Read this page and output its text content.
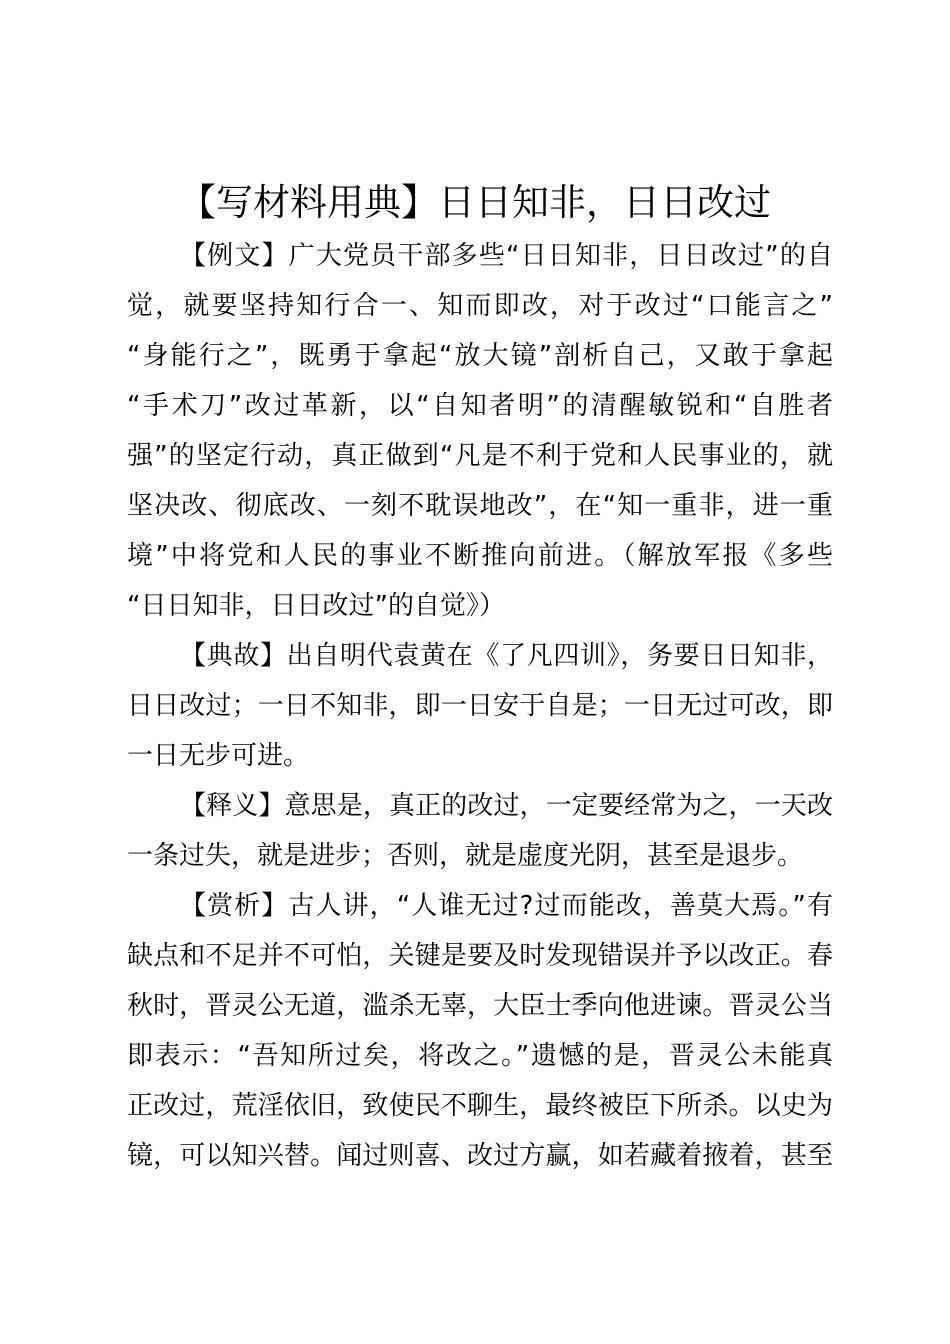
【写材料用典】日日知非，日日改过
【例文】广大党员干部多些“日日知非，日日改过”的自
觉，就要坚持知行合一、知而即改，对于改过“口能言之”
“身能行之”，既勇于拿起“放大镜”剖析自己，又敢于拿起
“手术刀”改过革新，以“自知者明”的清醒敏锐和“自胜者
强”的坚定行动，真正做到“凡是不利于党和人民事业的，就
坚决改、彻底改、一刻不耽误地改”，在“知一重非，进一重
境”中将党和人民的事业不断推向前进。（解放军报《多些
“日日知非，日日改过”的自觉》）
【典故】出自明代袁黄在《了凡四训》，务要日日知非，
日日改过；一日不知非，即一日安于自是；一日无过可改，即
一日无步可进。
【释义】意思是，真正的改过，一定要经常为之，一天改
一条过失，就是进步；否则，就是虚度光阴，甚至是退步。
【赏析】古人讲，“人谁无过?过而能改，善莫大焉。”有
缺点和不足并不可怕，关键是要及时发现错误并予以改正。春
秋时，晋灵公无道，滥杀无辜，大臣士季向他进谏。晋灵公当
即表示：“吾知所过矣，将改之。”遗憾的是，晋灵公未能真
正改过，荒淫依旧，致使民不聊生，最终被臣下所杀。以史为
镜，可以知兴替。闻过则喜、改过方赢，如若藏着掖着，甚至
